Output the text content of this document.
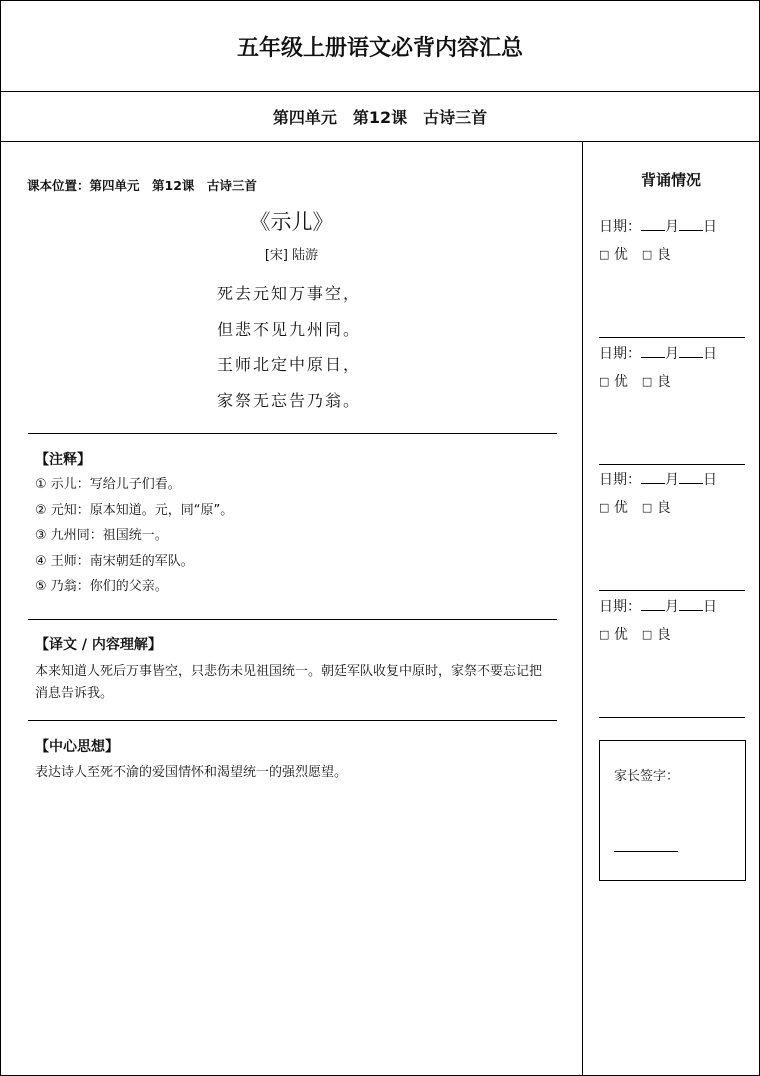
五年级上册语文必背内容汇总
第四单元　第12课　古诗三首
课本位置：第四单元　第12课　古诗三首
《示儿》
[宋] 陆游
死去元知万事空，
但悲不见九州同。
王师北定中原日，
家祭无忘告乃翁。
【注释】
① 示儿：写给儿子们看。
② 元知：原本知道。元，同“原”。
③ 九州同：祖国统一。
④ 王师：南宋朝廷的军队。
⑤ 乃翁：你们的父亲。
【译文 / 内容理解】
本来知道人死后万事皆空，只悲伤未见祖国统一。朝廷军队收复中原时，家祭不要忘记把消息告诉我。
【中心思想】
表达诗人至死不渝的爱国情怀和渴望统一的强烈愿望。
背诵情况
日期： 月 日
□ 优　 □ 良
日期： 月 日
□ 优　 □ 良
日期： 月 日
□ 优　 □ 良
日期： 月 日
□ 优　 □ 良
家长签字：
